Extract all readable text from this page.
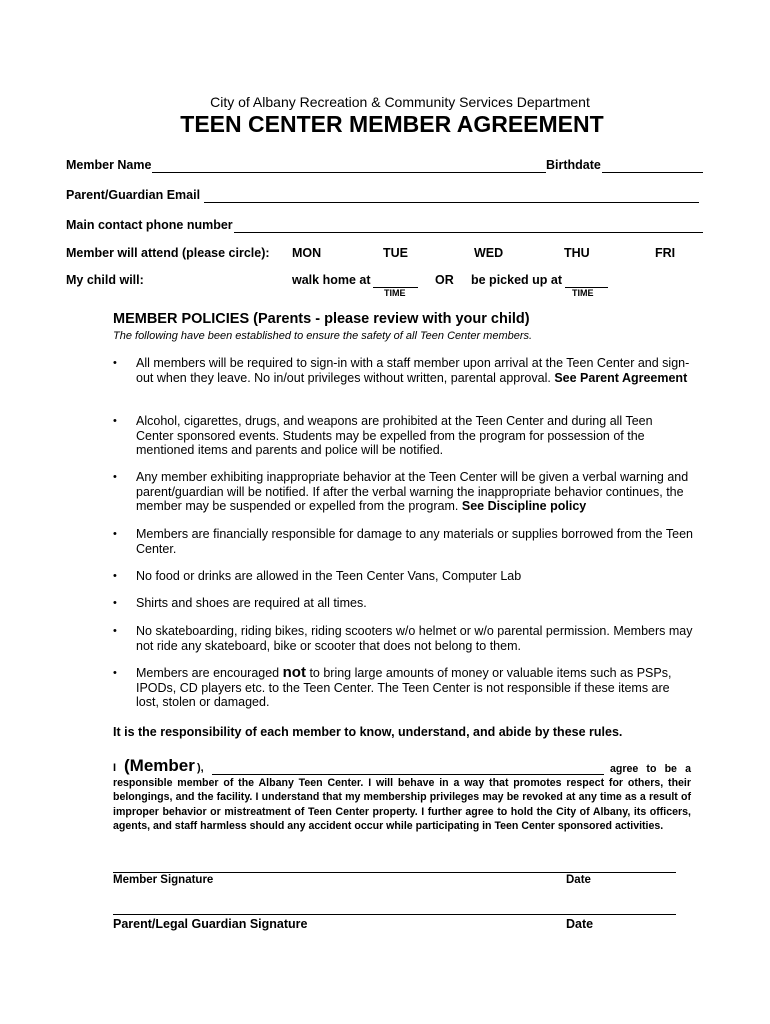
City of Albany Recreation & Community Services Department
TEEN CENTER MEMBER AGREEMENT
Member Name	Birthdate
Parent/Guardian Email
Main contact phone number
Member will attend (please circle): MON	TUE	WED	THU	FRI
My child will:	walk home at
TIME
OR be picked up at
TIME
MEMBER POLICIES (Parents - please review with your child)
The following have been established to ensure the safety of all Teen Center members.
• All members will be required to sign-in with a staff member upon arrival at the Teen Center and sign-out when they leave. No in/out privileges without written, parental approval. See Parent Agreement
• Alcohol, cigarettes, drugs, and weapons are prohibited at the Teen Center and during all Teen Center sponsored events. Students may be expelled from the program for possession of the mentioned items and parents and police will be notified.
• Any member exhibiting inappropriate behavior at the Teen Center will be given a verbal warning and parent/guardian will be notified. If after the verbal warning the inappropriate behavior continues, the member may be suspended or expelled from the program. See Discipline policy
• Members are financially responsible for damage to any materials or supplies borrowed from the Teen Center.
• No food or drinks are allowed in the Teen Center Vans, Computer Lab
• Shirts and shoes are required at all times.
• No skateboarding, riding bikes, riding scooters w/o helmet or w/o parental permission. Members may not ride any skateboard, bike or scooter that does not belong to them.
• Members are encouraged not to bring large amounts of money or valuable items such as PSPs, IPODs, CD players etc. to the Teen Center. The Teen Center is not responsible if these items are lost, stolen or damaged.
It is the responsibility of each member to know, understand, and abide by these rules.
I (Member ),	agree to be a
responsible member of the Albany Teen Center. I will behave in a way that promotes respect for others, their belongings, and the facility. I understand that my membership privileges may be revoked at any time as a result of improper behavior or mistreatment of Teen Center property. I further agree to hold the City of Albany, its officers, agents, and staff harmless should any accident occur while participating in Teen Center sponsored activities.
Member Signature	Date
Parent/Legal Guardian Signature	Date
